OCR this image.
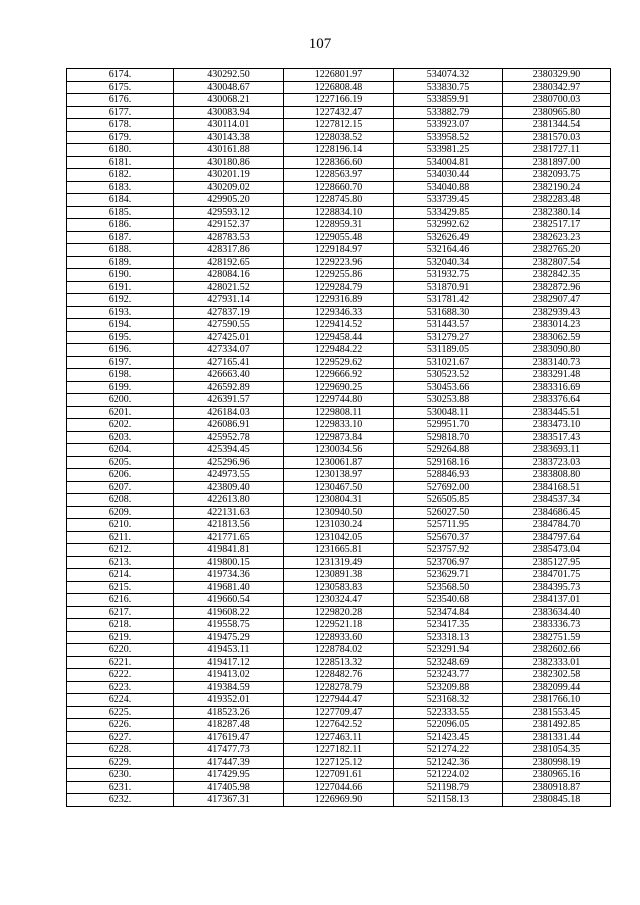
107
6174.	430292.50	1226801.97	534074.32	2380329.90
6175.	430048.67	1226808.48	533830.75	2380342.97
6176.	430068.21	1227166.19	533859.91	2380700.03
6177.	430083.94	1227432.47	533882.79	2380965.80
6178.	430114.01	1227812.15	533923.07	2381344.54
6179.	430143.38	1228038.52	533958.52	2381570.03
6180.	430161.88	1228196.14	533981.25	2381727.11
6181.	430180.86	1228366.60	534004.81	2381897.00
6182.	430201.19	1228563.97	534030.44	2382093.75
6183.	430209.02	1228660.70	534040.88	2382190.24
6184.	429905.20	1228745.80	533739.45	2382283.48
6185.	429593.12	1228834.10	533429.85	2382380.14
6186.	429152.37	1228959.31	532992.62	2382517.17
6187.	428783.53	1229055.48	532626.49	2382623.23
6188.	428317.86	1229184.97	532164.46	2382765.20
6189.	428192.65	1229223.96	532040.34	2382807.54
6190.	428084.16	1229255.86	531932.75	2382842.35
6191.	428021.52	1229284.79	531870.91	2382872.96
6192.	427931.14	1229316.89	531781.42	2382907.47
6193.	427837.19	1229346.33	531688.30	2382939.43
6194.	427590.55	1229414.52	531443.57	2383014.23
6195.	427425.01	1229458.44	531279.27	2383062.59
6196.	427334.07	1229484.22	531189.05	2383090.80
6197.	427165.41	1229529.62	531021.67	2383140.73
6198.	426663.40	1229666.92	530523.52	2383291.48
6199.	426592.89	1229690.25	530453.66	2383316.69
6200.	426391.57	1229744.80	530253.88	2383376.64
6201.	426184.03	1229808.11	530048.11	2383445.51
6202.	426086.91	1229833.10	529951.70	2383473.10
6203.	425952.78	1229873.84	529818.70	2383517.43
6204.	425394.45	1230034.56	529264.88	2383693.11
6205.	425296.96	1230061.87	529168.16	2383723.03
6206.	424973.55	1230138.97	528846.93	2383808.80
6207.	423809.40	1230467.50	527692.00	2384168.51
6208.	422613.80	1230804.31	526505.85	2384537.34
6209.	422131.63	1230940.50	526027.50	2384686.45
6210.	421813.56	1231030.24	525711.95	2384784.70
6211.	421771.65	1231042.05	525670.37	2384797.64
6212.	419841.81	1231665.81	523757.92	2385473.04
6213.	419800.15	1231319.49	523706.97	2385127.95
6214.	419734.36	1230891.38	523629.71	2384701.75
6215.	419681.40	1230583.83	523568.50	2384395.73
6216.	419660.54	1230324.47	523540.68	2384137.01
6217.	419608.22	1229820.28	523474.84	2383634.40
6218.	419558.75	1229521.18	523417.35	2383336.73
6219.	419475.29	1228933.60	523318.13	2382751.59
6220.	419453.11	1228784.02	523291.94	2382602.66
6221.	419417.12	1228513.32	523248.69	2382333.01
6222.	419413.02	1228482.76	523243.77	2382302.58
6223.	419384.59	1228278.79	523209.88	2382099.44
6224.	419352.01	1227944.47	523168.32	2381766.10
6225.	418523.26	1227709.47	522333.55	2381553.45
6226.	418287.48	1227642.52	522096.05	2381492.85
6227.	417619.47	1227463.11	521423.45	2381331.44
6228.	417477.73	1227182.11	521274.22	2381054.35
6229.	417447.39	1227125.12	521242.36	2380998.19
6230.	417429.95	1227091.61	521224.02	2380965.16
6231.	417405.98	1227044.66	521198.79	2380918.87
6232.	417367.31	1226969.90	521158.13	2380845.18
